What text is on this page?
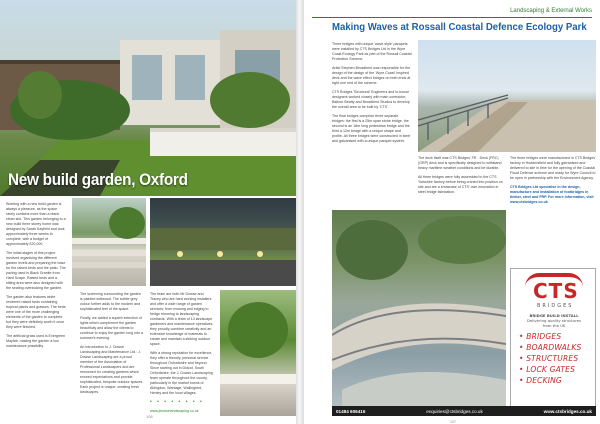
New build garden, Oxford

Working with a new build garden is always a pleasure, as the space rarely contains more than a blank clean slot. This garden belonging to a new build three storey home was designed by Sarah Kayfield and took approximately three weeks to complete, with a budget of approximately £20,000.

The initial stages of this project involved organising the different garden levels and preparing the base for the raised beds and the patio. The paving used is Black Granite from Hard Scape. Raised beds and a sitting area were also designed with the seating overlooking the garden.

The garden also features white rendered raised beds containing tropical plants and grasses. The beds were one of the more challenging elements of the garden to complete but they were definitely worth it once they were finished.

The artificial grass used is Evergreen Mayfair, making the garden a low maintenance possibility.

The screening surrounding the garden is painted softwood. The subtle grey colour further adds to the modern and sophisticated feel of the space.

Finally, we added a superb selection of lights which compliment the garden beautifully and allow the clients to continue to enjoy the garden long into a summer's evening.

An Introduction to J. Dowse Landscaping and Maintenance Ltd.: J. Dowse Landscaping are a proud member of the Association of Professional Landscapers and are renowned for creating gardens which exceed expectations and provide sophisticated, bespoke outdoor spaces. Each project is unique, creating fresh landscapes.

The team are both Mr Dowse and Tracey who are hard working installers and offer a wide range of garden services; from mowing and edging to hedge trimming to landscaping contracts. With a team of 14 landscape gardeners and maintenance operatives, they proudly combine creativity and an extensive knowledge of materials to create and maintain a striking outdoor space.

With a strong reputation for excellence, they offer a friendly, personal service throughout Oxfordshire and beyond. Since starting out in Didcot, South Oxfordshire, the J. Dowse Landscaping team operate throughout the county, particularly in the market towns of Abingdon, Wantage, Wallingford, Henley and the local villages.

• • • • • • • •

www.jdowselandscaping.co.uk

106
Landscaping & External Works
Making Waves at Rossall Coastal Defence Ecology Park

Three bridges with unique 'wave style' parapets were installed by CTS Bridges Ltd in the Wyre Coast Ecology Park as part of the Rossall Coastal Protection Scheme.

Artist Stephen Broadbent was responsible for the design of the design of the 'Wyre Coast' inspired deck and the wave effect bridges on both ends at right one end of the scheme.

CTS Bridges 'Structural' Engineers and in-house designers worked closely with main contractor, Balfour Beatty and Broadbent Studios to develop the overall area to be built by 'CTS'.

The final bridges comprise three separate bridges: the first is a 25m span stone bridge, the second is an 18m long pedestrian bridge and the third a 12m bridge with a unique shape and profile. All three bridges were constructed in steel and galvanised with a unique parapet system.

The deck itself was CTS Bridges' FR - Deck (FRC) (GRP) deck and is specifically designed to withstand heavy maritime weather conditions and be durable.

All three bridges were fully assembled in the CTS Yorkshire factory before being craned into position on site and are a showcase of CTS' own innovation in steel bridge fabrication.

The three bridges were manufactured in CTS Bridges' factory in Huddersfield and fully galvanised and delivered to site in time for the opening of the Coastal Flood Defence scheme and ready for Wyre Council to be open in partnership with the Environment Agency.

CTS Bridges Ltd specialise in the design, manufacture and installation of footbridges in timber, steel and FRP. For more information, visit www.ctsbridges.co.uk

CTS
BRIDGES
BRIDGE BUILD INSTALL
Delivering quality structures
from the UK
• BRIDGES
• BOARDWALKS
• STRUCTURES
• LOCK GATES
• DECKING
01484 606416	enquiries@ctsbridges.co.uk	www.ctsbridges.co.uk
107
